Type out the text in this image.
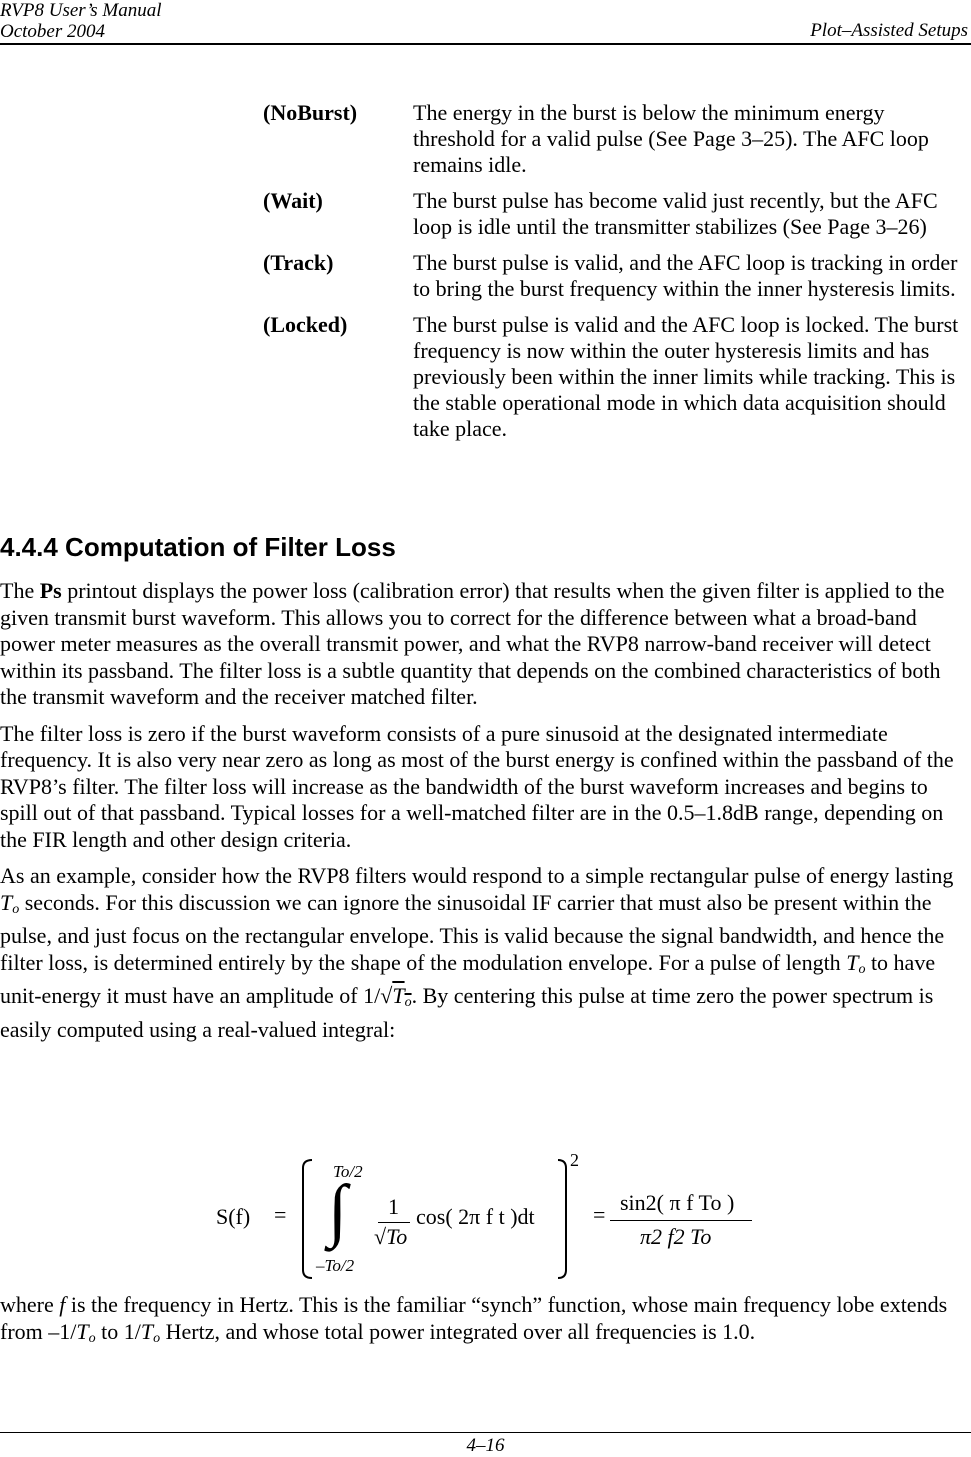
RVP8 User’s Manual
October 2004	Plot–Assisted Setups
(NoBurst)	The energy in the burst is below the minimum energy threshold for a valid pulse (See Page 3–25). The AFC loop remains idle.
(Wait)	The burst pulse has become valid just recently, but the AFC loop is idle until the transmitter stabilizes (See Page 3–26)
(Track)	The burst pulse is valid, and the AFC loop is tracking in order to bring the burst frequency within the inner hysteresis limits.
(Locked)	The burst pulse is valid and the AFC loop is locked. The burst frequency is now within the outer hysteresis limits and has previously been within the inner limits while tracking. This is the stable operational mode in which data acquisition should take place.
4.4.4 Computation of Filter Loss

The Ps printout displays the power loss (calibration error) that results when the given filter is applied to the given transmit burst waveform. This allows you to correct for the difference between what a broad-band power meter measures as the overall transmit power, and what the RVP8 narrow-band receiver will detect within its passband. The filter loss is a subtle quantity that depends on the combined characteristics of both the transmit waveform and the receiver matched filter.

The filter loss is zero if the burst waveform consists of a pure sinusoid at the designated intermediate frequency. It is also very near zero as long as most of the burst energy is confined within the passband of the RVP8’s filter. The filter loss will increase as the bandwidth of the burst waveform increases and begins to spill out of that passband. Typical losses for a well-matched filter are in the 0.5–1.8dB range, depending on the FIR length and other design criteria.

As an example, consider how the RVP8 filters would respond to a simple rectangular pulse of energy lasting $T_o$ seconds. For this discussion we can ignore the sinusoidal IF carrier that must also be present within the pulse, and just focus on the rectangular envelope. This is valid because the signal bandwidth, and hence the filter loss, is determined entirely by the shape of the modulation envelope. For a pulse of length $T_o$ to have unit-energy it must have an amplitude of $1/√T_o$. By centering this pulse at time zero the power spectrum is easily computed using a real-valued integral:

S(f) =
To/2
∫
–To/2
1
√To
cos( 2π f t )dt
2
= sin2( π f To )
π2 f2 To
where f is the frequency in Hertz. This is the familiar “synch” function, whose main frequency lobe extends from $-1/T_o$ to $1/T_o$ Hertz, and whose total power integrated over all frequencies is 1.0.
4–16
